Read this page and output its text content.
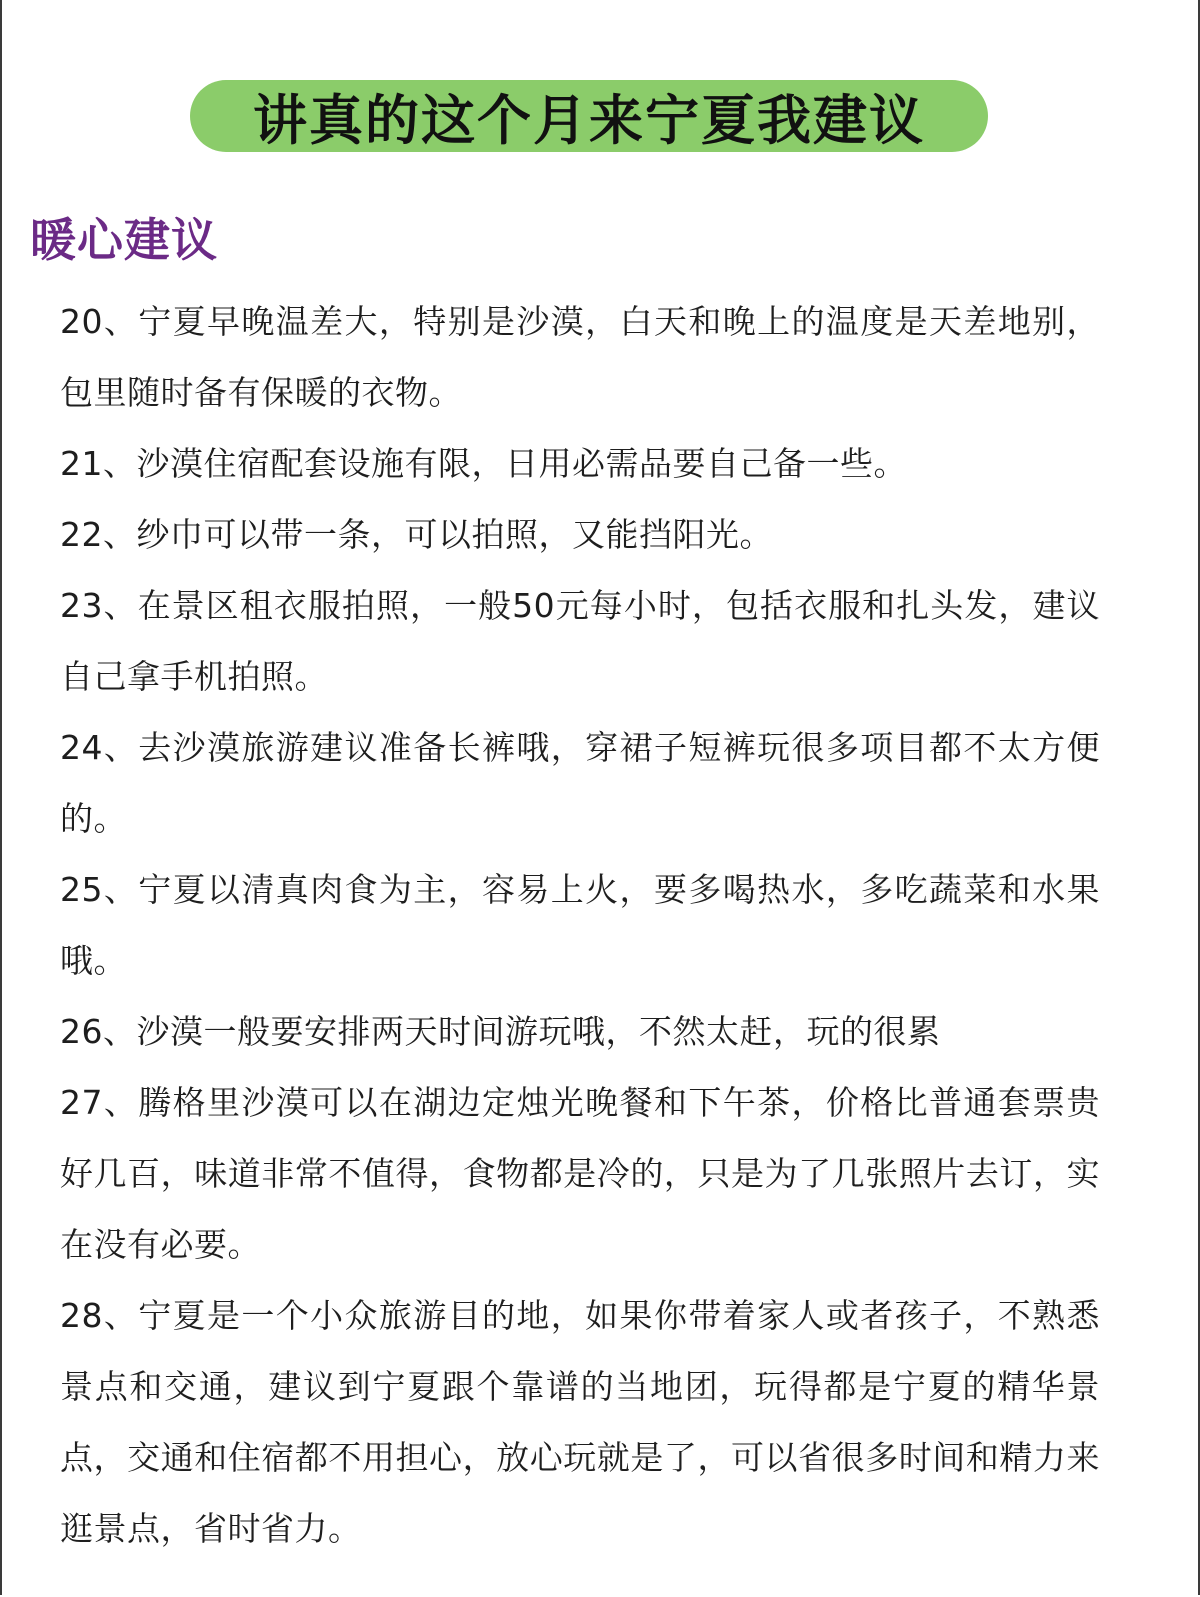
讲真的这个月来宁夏我建议
暖心建议
20、宁夏早晚温差大，特别是沙漠，白天和晚上的温度是天差地别，包里随时备有保暖的衣物。
21、沙漠住宿配套设施有限，日用必需品要自己备一些。
22、纱巾可以带一条，可以拍照，又能挡阳光。
23、在景区租衣服拍照，一般50元每小时，包括衣服和扎头发，建议自己拿手机拍照。
24、去沙漠旅游建议准备长裤哦，穿裙子短裤玩很多项目都不太方便的。
25、宁夏以清真肉食为主，容易上火，要多喝热水，多吃蔬菜和水果哦。
26、沙漠一般要安排两天时间游玩哦，不然太赶，玩的很累
27、腾格里沙漠可以在湖边定烛光晚餐和下午茶，价格比普通套票贵好几百，味道非常不值得，食物都是冷的，只是为了几张照片去订，实在没有必要。
28、宁夏是一个小众旅游目的地，如果你带着家人或者孩子，不熟悉景点和交通，建议到宁夏跟个靠谱的当地团，玩得都是宁夏的精华景点，交通和住宿都不用担心，放心玩就是了，可以省很多时间和精力来逛景点，省时省力。
